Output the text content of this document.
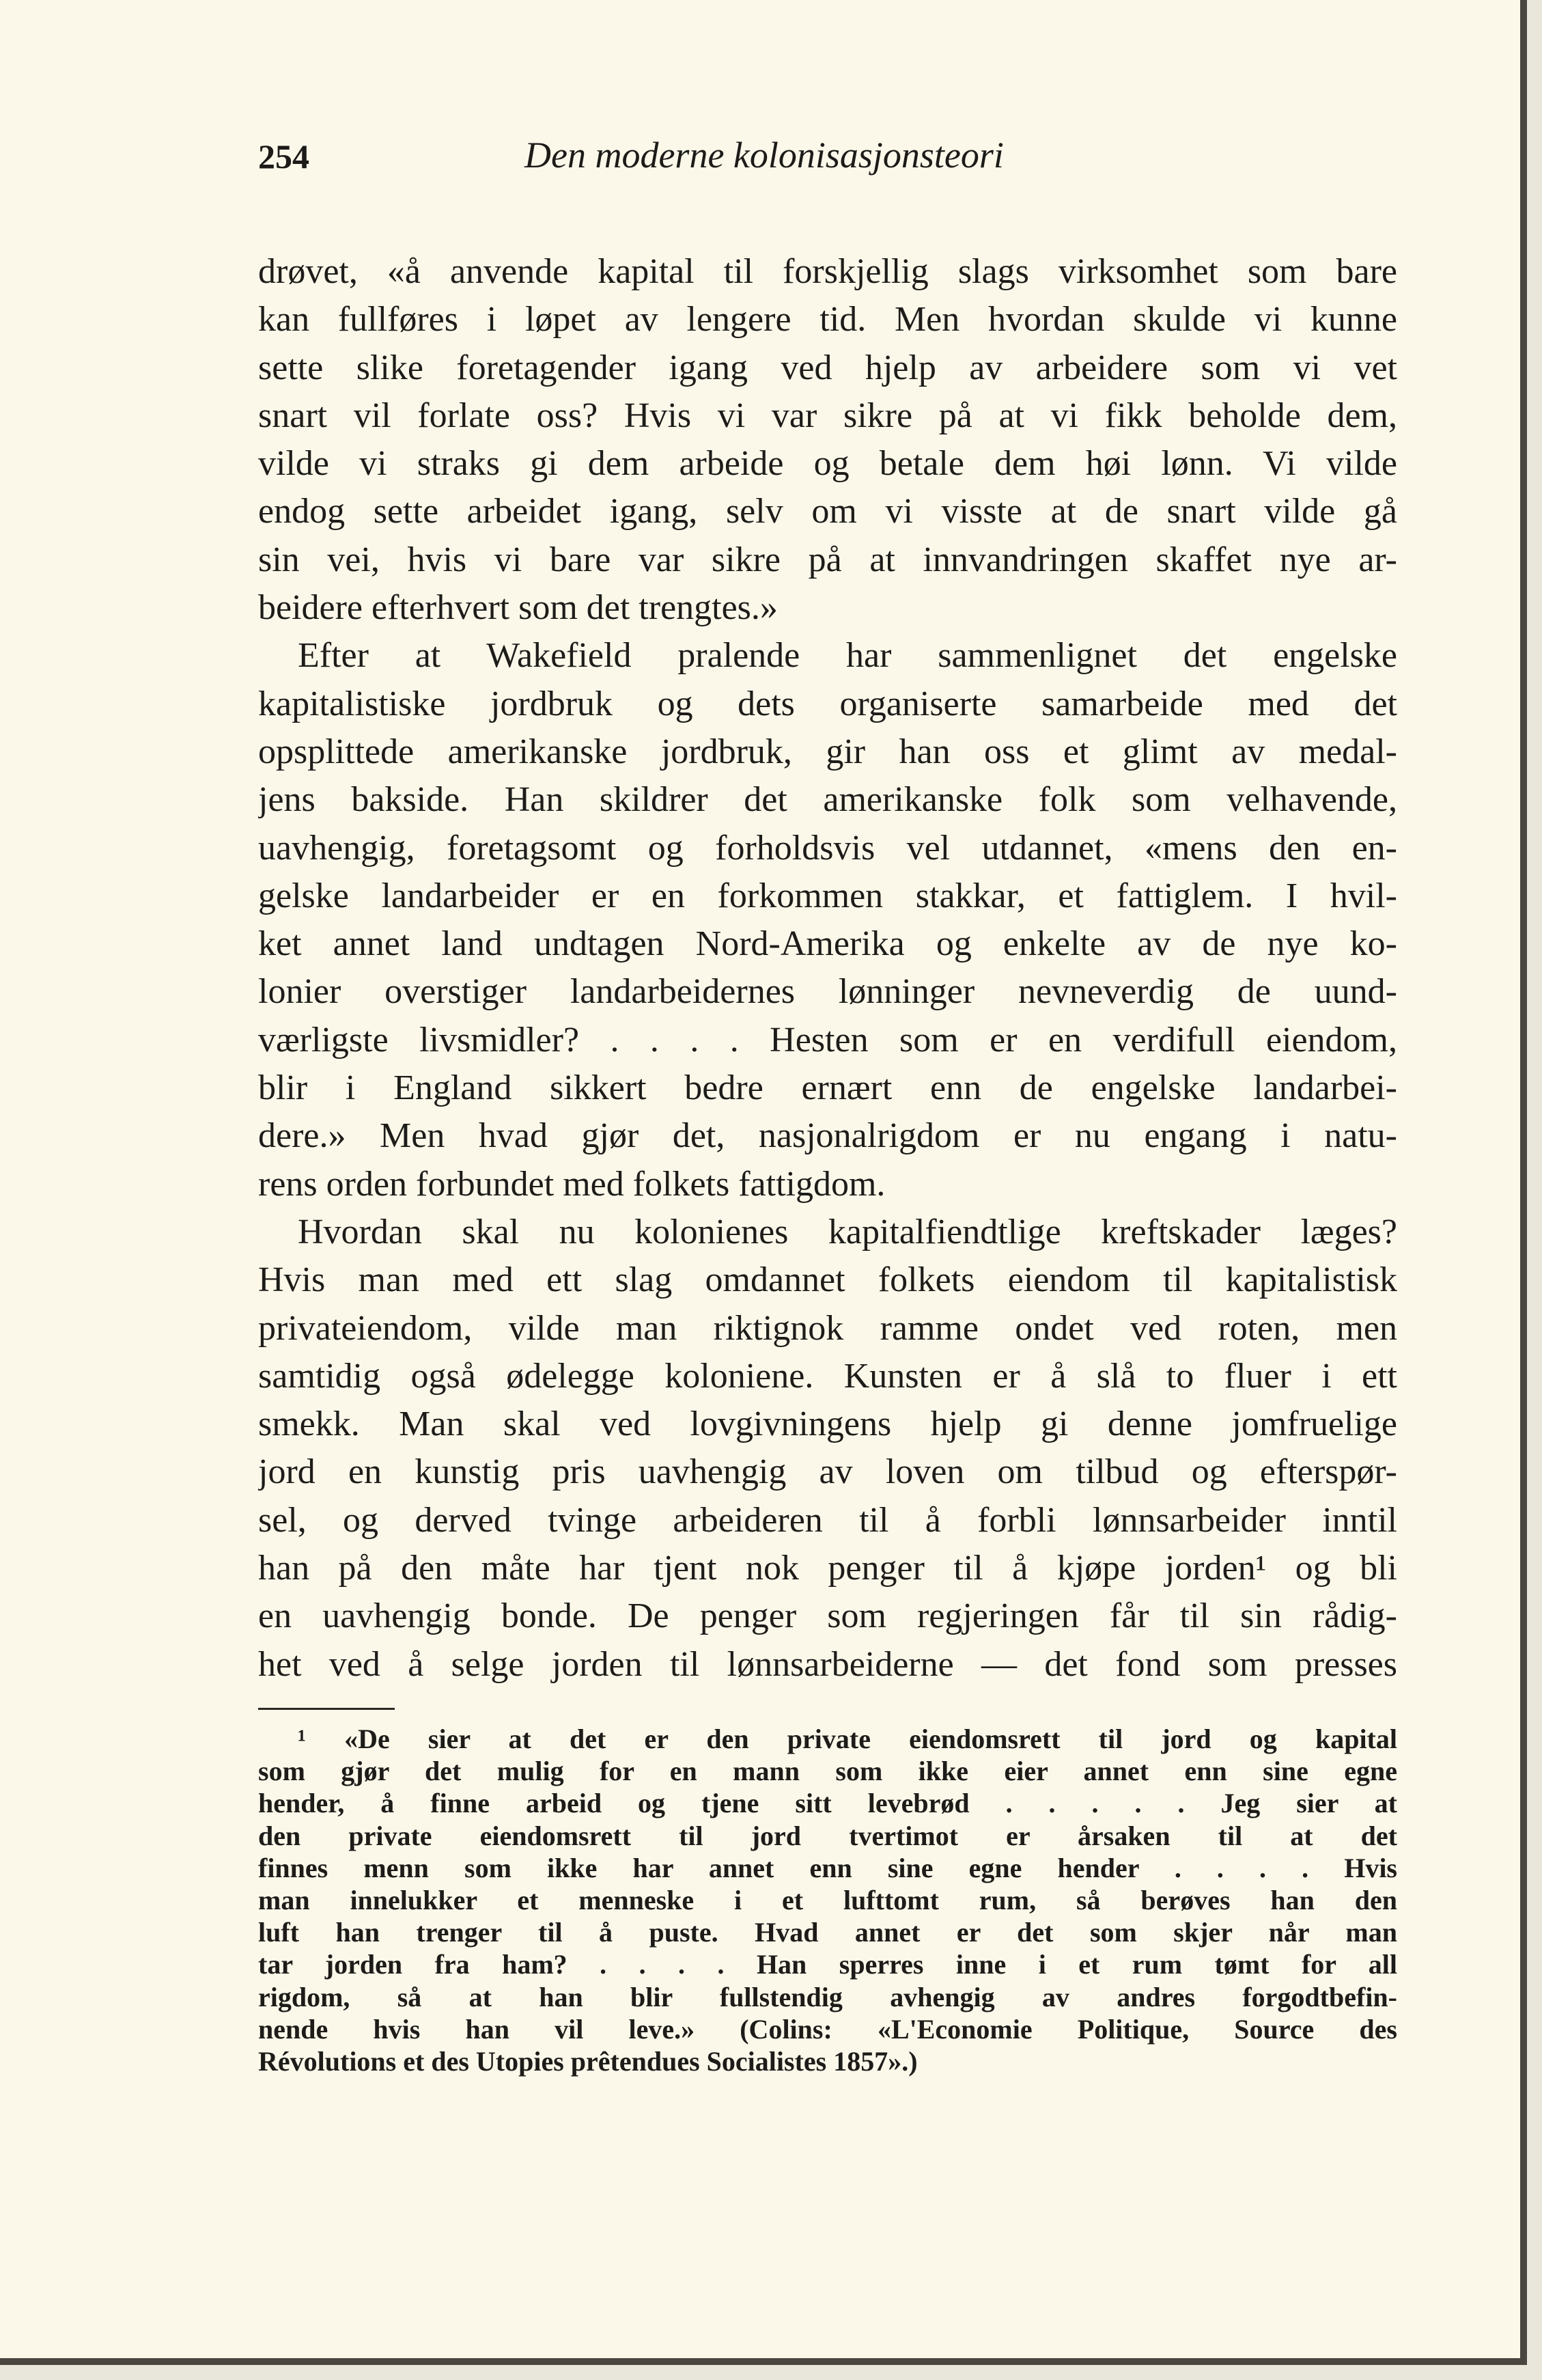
254	Den moderne kolonisasjonsteori
drøvet, «å anvende kapital til forskjellig slags virksomhet som bare
kan fullføres i løpet av lengere tid. Men hvordan skulde vi kunne
sette slike foretagender igang ved hjelp av arbeidere som vi vet
snart vil forlate oss? Hvis vi var sikre på at vi fikk beholde dem,
vilde vi straks gi dem arbeide og betale dem høi lønn. Vi vilde
endog sette arbeidet igang, selv om vi visste at de snart vilde gå
sin vei, hvis vi bare var sikre på at innvandringen skaffet nye ar-
beidere efterhvert som det trengtes.»
Efter at Wakefield pralende har sammenlignet det engelske
kapitalistiske jordbruk og dets organiserte samarbeide med det
opsplittede amerikanske jordbruk, gir han oss et glimt av medal-
jens bakside. Han skildrer det amerikanske folk som velhavende,
uavhengig, foretagsomt og forholdsvis vel utdannet, «mens den en-
gelske landarbeider er en forkommen stakkar, et fattiglem. I hvil-
ket annet land undtagen Nord-Amerika og enkelte av de nye ko-
lonier overstiger landarbeidernes lønninger nevneverdig de uund-
værligste livsmidler? . . . . Hesten som er en verdifull eiendom,
blir i England sikkert bedre ernært enn de engelske landarbei-
dere.» Men hvad gjør det, nasjonalrigdom er nu engang i natu-
rens orden forbundet med folkets fattigdom.
Hvordan skal nu kolonienes kapitalfiendtlige kreftskader læges?
Hvis man med ett slag omdannet folkets eiendom til kapitalistisk
privateiendom, vilde man riktignok ramme ondet ved roten, men
samtidig også ødelegge koloniene. Kunsten er å slå to fluer i ett
smekk. Man skal ved lovgivningens hjelp gi denne jomfruelige
jord en kunstig pris uavhengig av loven om tilbud og efterspør-
sel, og derved tvinge arbeideren til å forbli lønnsarbeider inntil
han på den måte har tjent nok penger til å kjøpe jorden¹ og bli
en uavhengig bonde. De penger som regjeringen får til sin rådig-
het ved å selge jorden til lønnsarbeiderne — det fond som presses
¹ «De sier at det er den private eiendomsrett til jord og kapital
som gjør det mulig for en mann som ikke eier annet enn sine egne
hender, å finne arbeid og tjene sitt levebrød . . . . . Jeg sier at
den private eiendomsrett til jord tvertimot er årsaken til at det
finnes menn som ikke har annet enn sine egne hender . . . . Hvis
man innelukker et menneske i et lufttomt rum, så berøves han den
luft han trenger til å puste. Hvad annet er det som skjer når man
tar jorden fra ham? . . . . Han sperres inne i et rum tømt for all
rigdom, så at han blir fullstendig avhengig av andres forgodtbefin-
nende hvis han vil leve.» (Colins: «L'Economie Politique, Source des
Révolutions et des Utopies prêtendues Socialistes 1857».)
